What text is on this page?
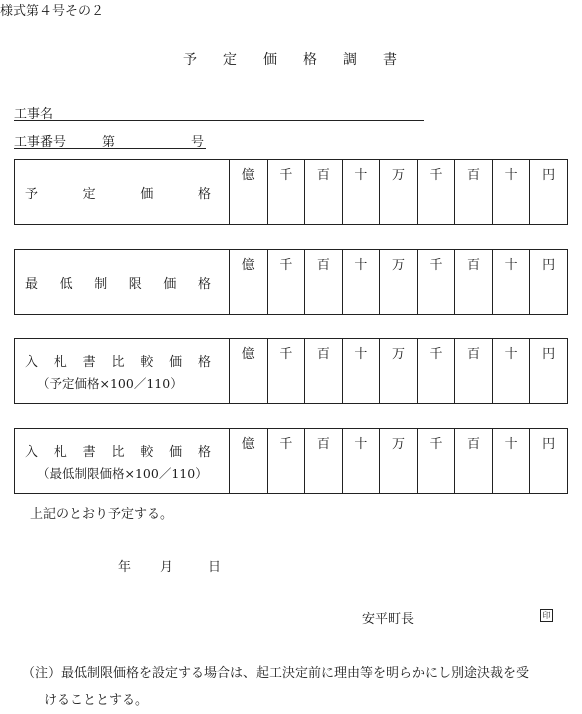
様式第４号その２
予 定 価 格 調 書
工事名
工事番号	第	号
予	定	価	格
	億	千	百	十	万	千	百	十	円
最 低 制 限 価 格
	億	千	百	十	万	千	百	十	円
入 札 書 比 較 価 格
（予定価格×100／110）
	億	千	百	十	万	千	百	十	円
入 札 書 比 較 価 格
（最低制限価格×100／110）
	億	千	百	十	万	千	百	十	円
上記のとおり予定する。
年 月	日
安平町長	印
（注）最低制限価格を設定する場合は、起工決定前に理由等を明らかにし別途決裁を受
けることとする。
